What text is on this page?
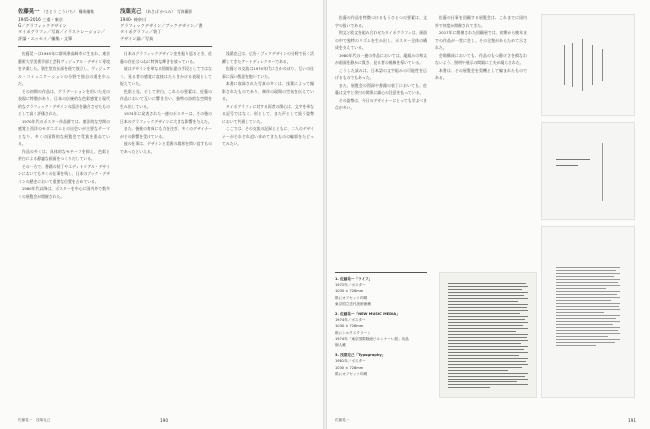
佐藤晃一 （さとう こういち） 構成編集
1945-2016 三重・東京
G／グラフィックデザイン
タイポグラフィ／写真／イラストレーション／
評論・エッセイ／編集・文筆
浅葉克己 （あさば かつみ） 写真撮影
1940- 神奈川
グラフィックデザイン／ブックデザイン／書
タイポグラフィ／装丁
デザイン論／写真

佐藤晃一は1945年に群馬県高崎市に生まれ、東京藝術大学美術学部工芸科ヴィジュアル・デザイン専攻を卒業した。資生堂宣伝部を経て独立し、ヴィジュアル・コミュニケーションの分野で独自の道を歩んだ。

その初期の作品は、グラデーションを用いた光の表現に特徴があり、日本の伝統的な色彩感覚と現代的なグラフィック・デザインの語法を融合させたものとして高く評価された。

1970年代のポスター作品群では、東洋的な空間の感覚と西洋のモダニズムとの出会いが主要なテーマとなり、多くの国際的な展覧会で受賞を重ねている。

作品の多くは、具体的なモチーフを抑え、色彩と余白による静謐な画面をつくりだしている。

その一方で、書籍の装丁やエディトリアル・デザインにおいても多くの仕事を残し、日本のブック・デザインの歴史において重要な位置を占めている。

1980年代以降は、ポスターを中心に国内外で数多くの展覧会が開催された。

日本のグラフィックデザイン史を振り返るとき、佐藤の存在はつねに特異な輝きを放っている。

彼はデザインを単なる情報伝達の手段としてではなく、見る者の感覚に直接はたらきかける表現として捉えていた。

色彩と光、そして余白。これらの要素は、佐藤の作品において互いに響き合い、独特の詩的な空間を生み出している。

1974年に発表された一連のポスターは、その後の日本のグラフィックデザインに大きな影響を与えた。

また、後進の育成にも力を注ぎ、多くのデザイナーがその影響を受けている。

彼の仕事は、デザインと美術の境界を問い直すものであったといえる。

浅葉克己は、広告・ブックデザインの分野で長く活躍してきたアートディレクターである。

佐藤との交流は1970年代にさかのぼり、互いの仕事に深い敬意を抱いていた。

本書に収録された写真の多くは、浅葉によって撮影されたものであり、制作の現場の空気を伝えている。

タイポグラフィに対する両者の関心は、文字を単なる記号ではなく、形として、また声として扱う姿勢において共通していた。

ここでは、その交流の記録とともに、二人のデザイナーがそれぞれ追い求めてきたものの輪郭をたどってみたい。

佐藤晃一　浅葉克己	190

佐藤の作品を特徴づけるもうひとつの要素は、文字の扱いである。

和文と欧文を組み合わせたタイポグラフィは、画面の中で独特のリズムを生み出し、ポスター全体の構成を支えている。

1980年代の一連の作品においては、縦組みの和文が画面を静かに貫き、見る者の視線を導いている。

こうした試みは、日本語の文字組みの可能性を広げるものでもあった。

また、展覧会の図録や書籍の装丁においても、佐藤は文字と余白の関係に細心の注意を払っている。

その姿勢は、今日のデザイナーにとっても学ぶべき点が多い。

佐藤の仕事を回顧する展覧会は、これまでに国内外で何度か開催されてきた。

2017年に開催された回顧展では、初期から晩年までの作品が一堂に会し、その全貌があらためて示された。

会場構成においても、作品のもつ静けさを損なわないよう、照明や展示の間隔に工夫が凝らされた。

本書は、その展覧会を契機として編まれたものである。

1. 佐藤晃一「ライフ」
1972年／ポスター
1030 × 728mm
紙にオフセット印刷
東京国立近代美術館蔵
2. 佐藤晃一「NEW MUSIC MEDIA」
1974年／ポスター
1030 × 728mm
紙にシルクスクリーン
1974年「東京国際版画ビエンナーレ展」出品
個人蔵
3. 浅葉克己「Typography」
1981年／ポスター
1030 × 728mm
紙にオフセット印刷
佐藤晃一	191
